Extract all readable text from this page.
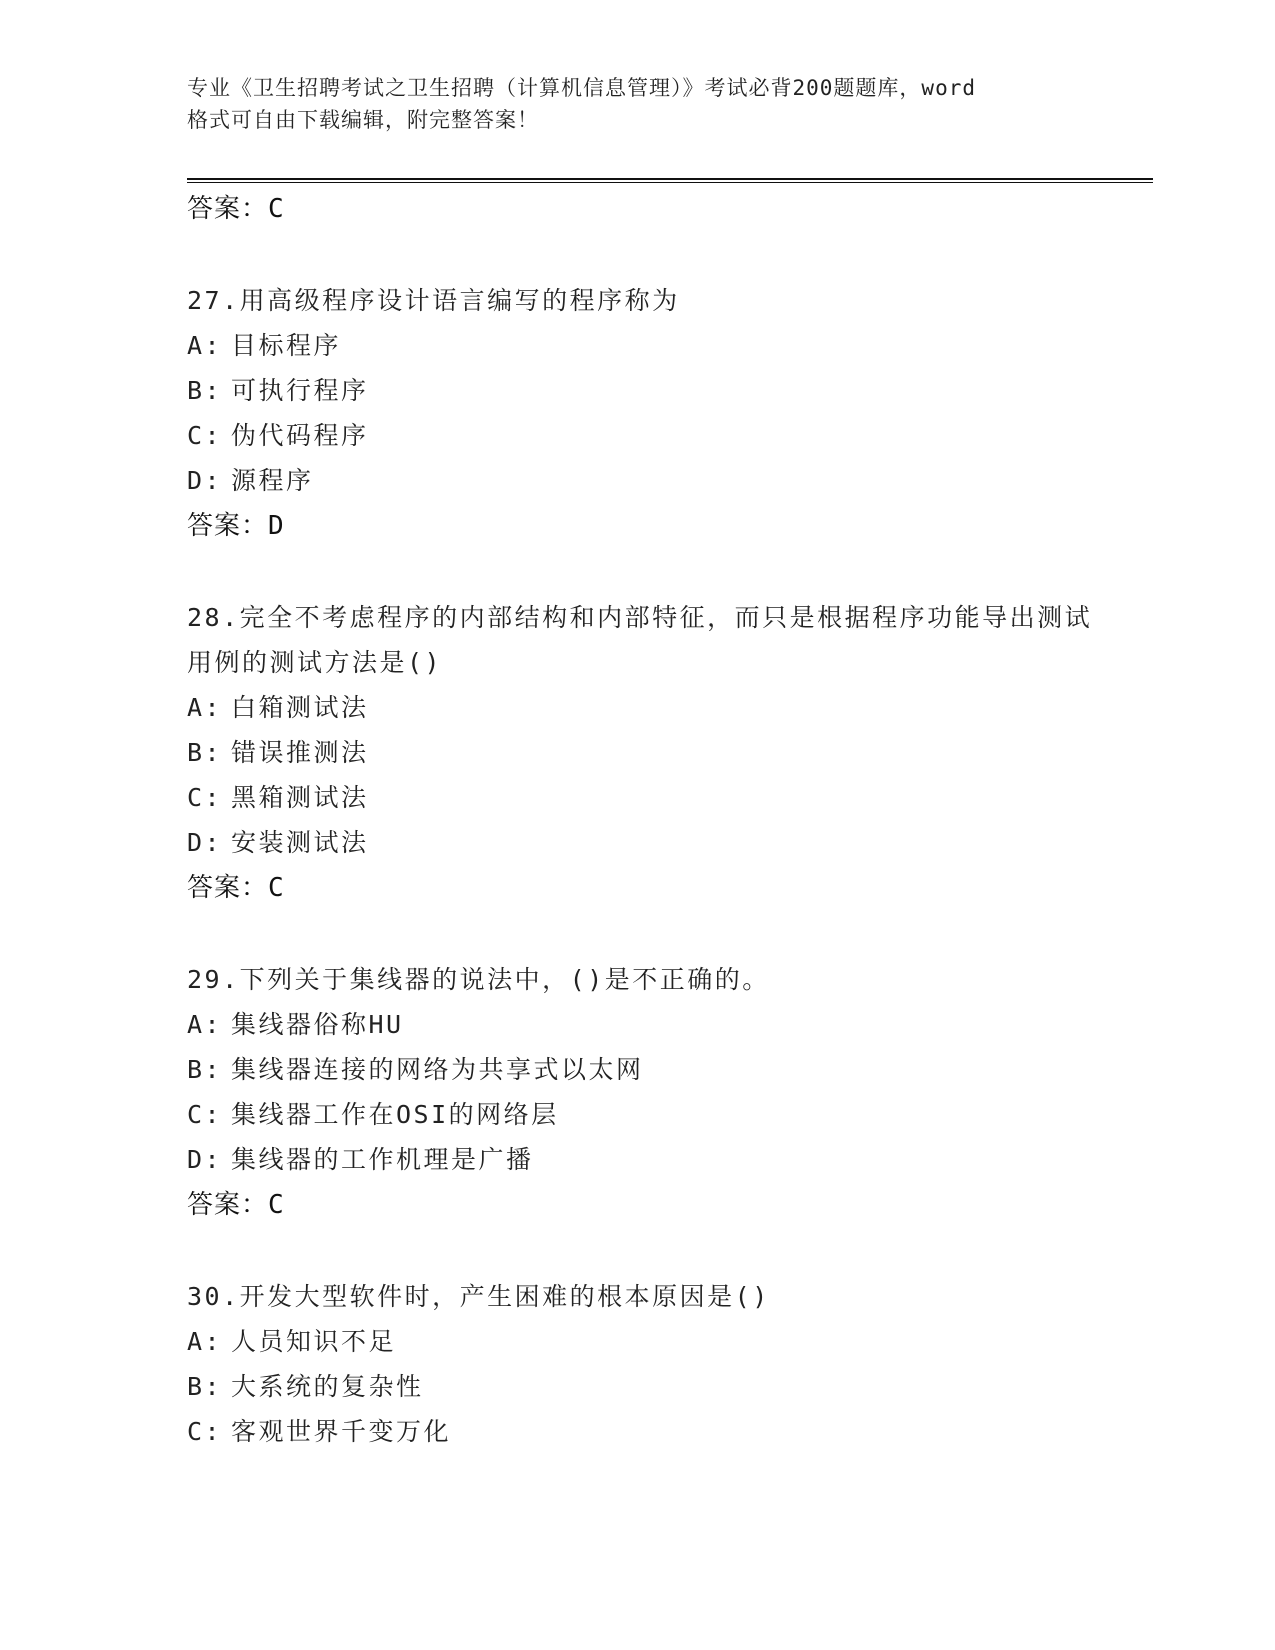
专业《卫生招聘考试之卫生招聘（计算机信息管理）》考试必背200题题库，word
格式可自由下载编辑，附完整答案！
答案：C
27.用高级程序设计语言编写的程序称为
A: 目标程序
B: 可执行程序
C: 伪代码程序
D: 源程序
答案：D
28.完全不考虑程序的内部结构和内部特征，而只是根据程序功能导出测试用例的测试方法是()
A: 白箱测试法
B: 错误推测法
C: 黑箱测试法
D: 安装测试法
答案：C
29.下列关于集线器的说法中，()是不正确的。
A: 集线器俗称HU
B: 集线器连接的网络为共享式以太网
C: 集线器工作在OSI的网络层
D: 集线器的工作机理是广播
答案：C
30.开发大型软件时，产生困难的根本原因是()
A: 人员知识不足
B: 大系统的复杂性
C: 客观世界千变万化
